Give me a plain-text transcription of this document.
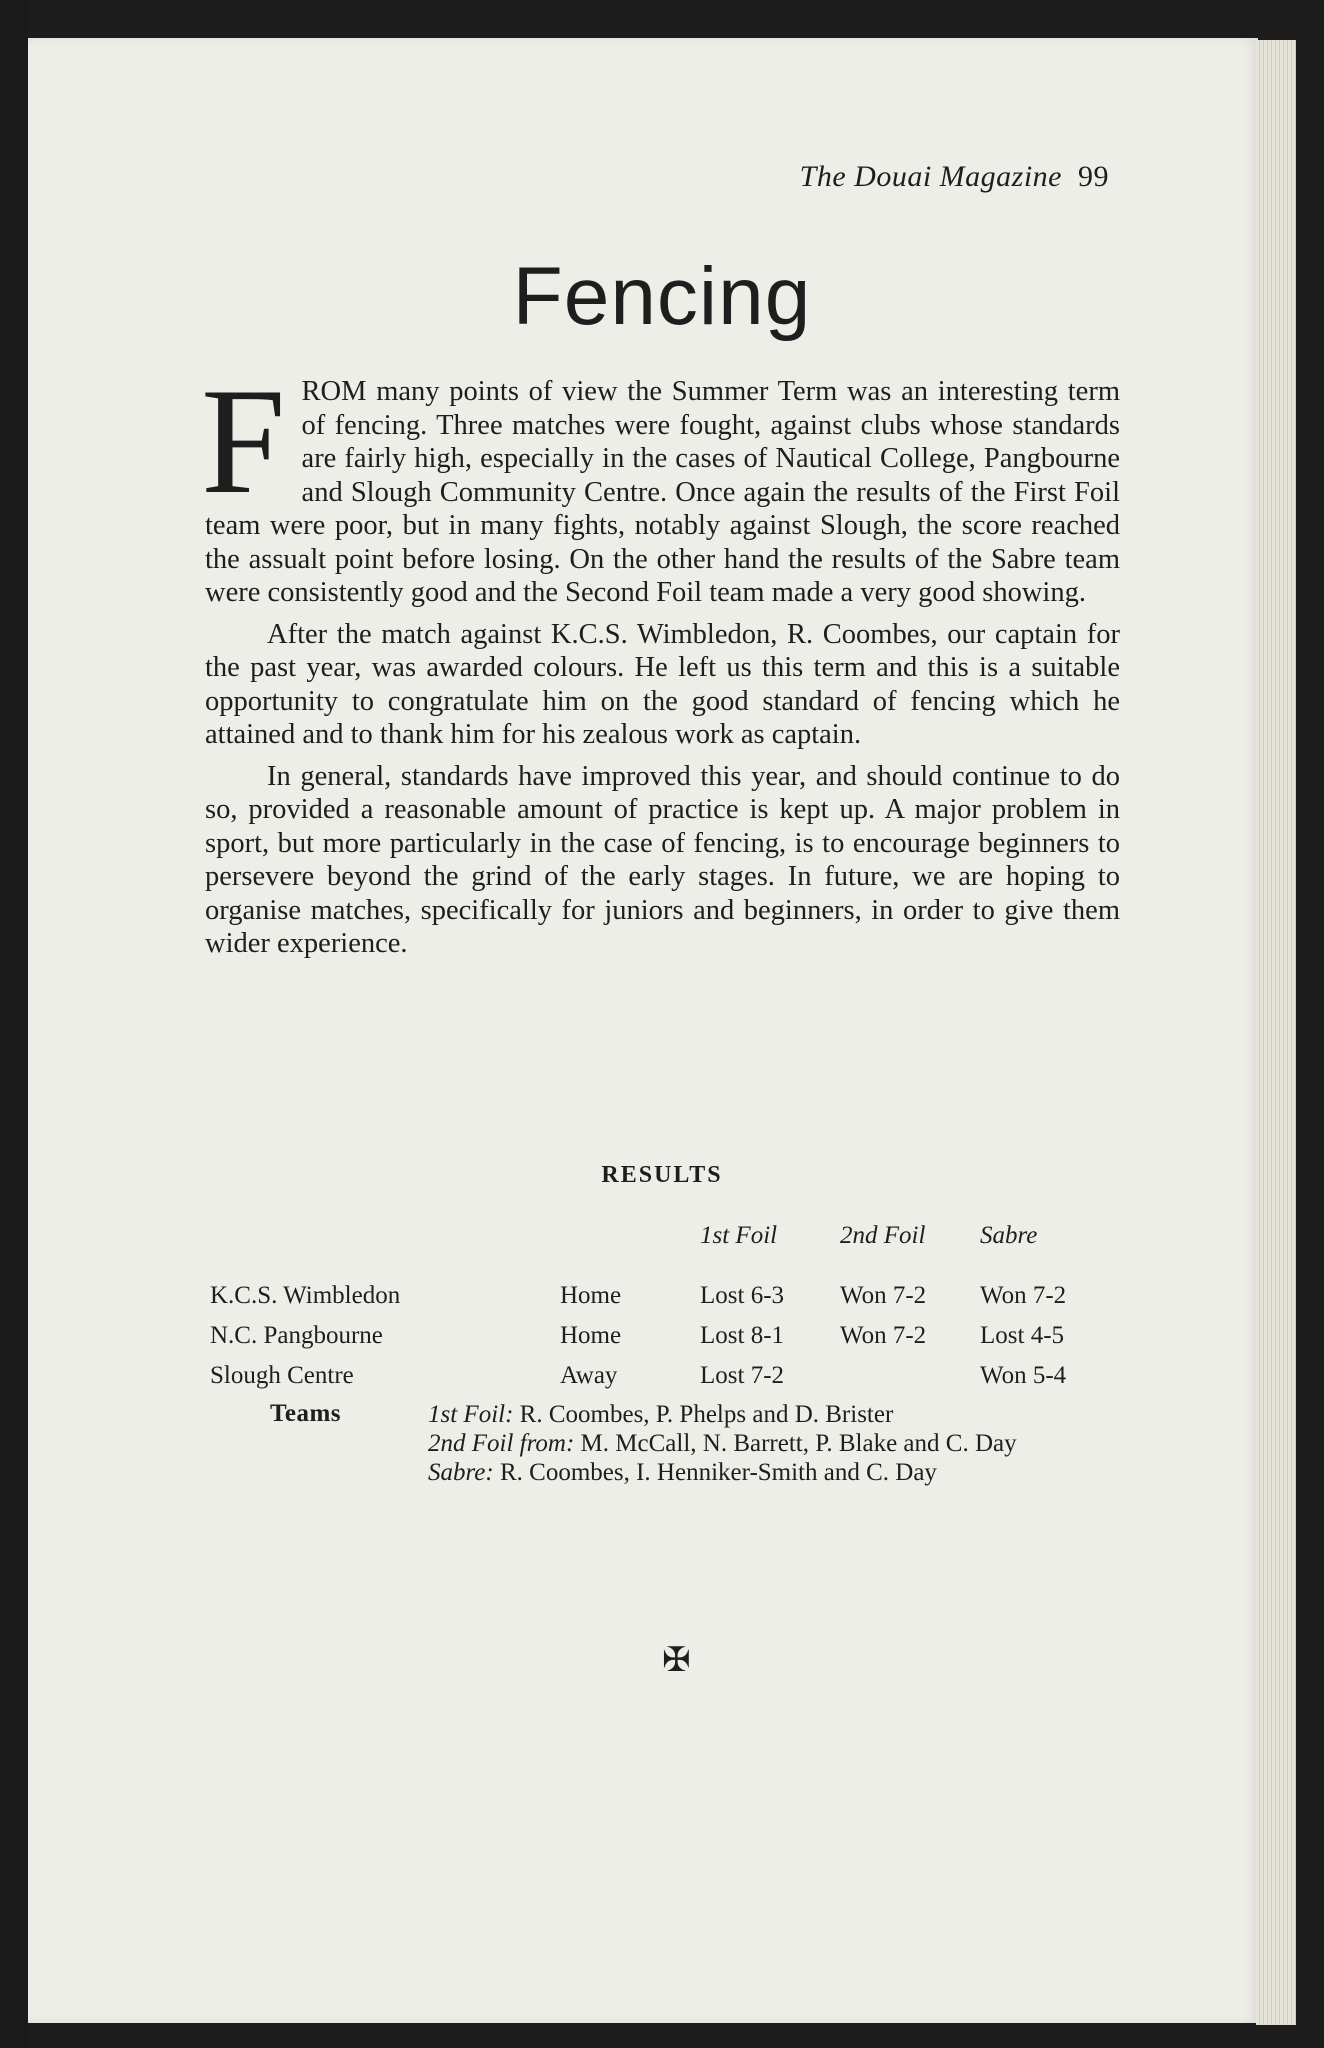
The Douai Magazine 99
Fencing

FROM many points of view the Summer Term was an interesting term of fencing. Three matches were fought, against clubs whose standards are fairly high, especially in the cases of Nautical College, Pangbourne and Slough Community Centre. Once again the results of the First Foil team were poor, but in many fights, notably against Slough, the score reached the assualt point before losing. On the other hand the results of the Sabre team were consistently good and the Second Foil team made a very good showing.

After the match against K.C.S. Wimbledon, R. Coombes, our captain for the past year, was awarded colours. He left us this term and this is a suitable opportunity to congratulate him on the good standard of fencing which he attained and to thank him for his zealous work as captain.

In general, standards have improved this year, and should continue to do so, provided a reasonable amount of practice is kept up. A major problem in sport, but more particularly in the case of fencing, is to encourage beginners to persevere beyond the grind of the early stages. In future, we are hoping to organise matches, specifically for juniors and beginners, in order to give them wider experience.

RESULTS
		1st Foil	2nd Foil	Sabre
K.C.S. Wimbledon	Home	Lost 6-3	Won 7-2	Won 7-2
N.C. Pangbourne	Home	Lost 8-1	Won 7-2	Lost 4-5
Slough Centre	Away	Lost 7-2		Won 5-4
Teams	1st Foil: R. Coombes, P. Phelps and D. Brister
2nd Foil from: M. McCall, N. Barrett, P. Blake and C. Day
Sabre: R. Coombes, I. Henniker-Smith and C. Day
✠
